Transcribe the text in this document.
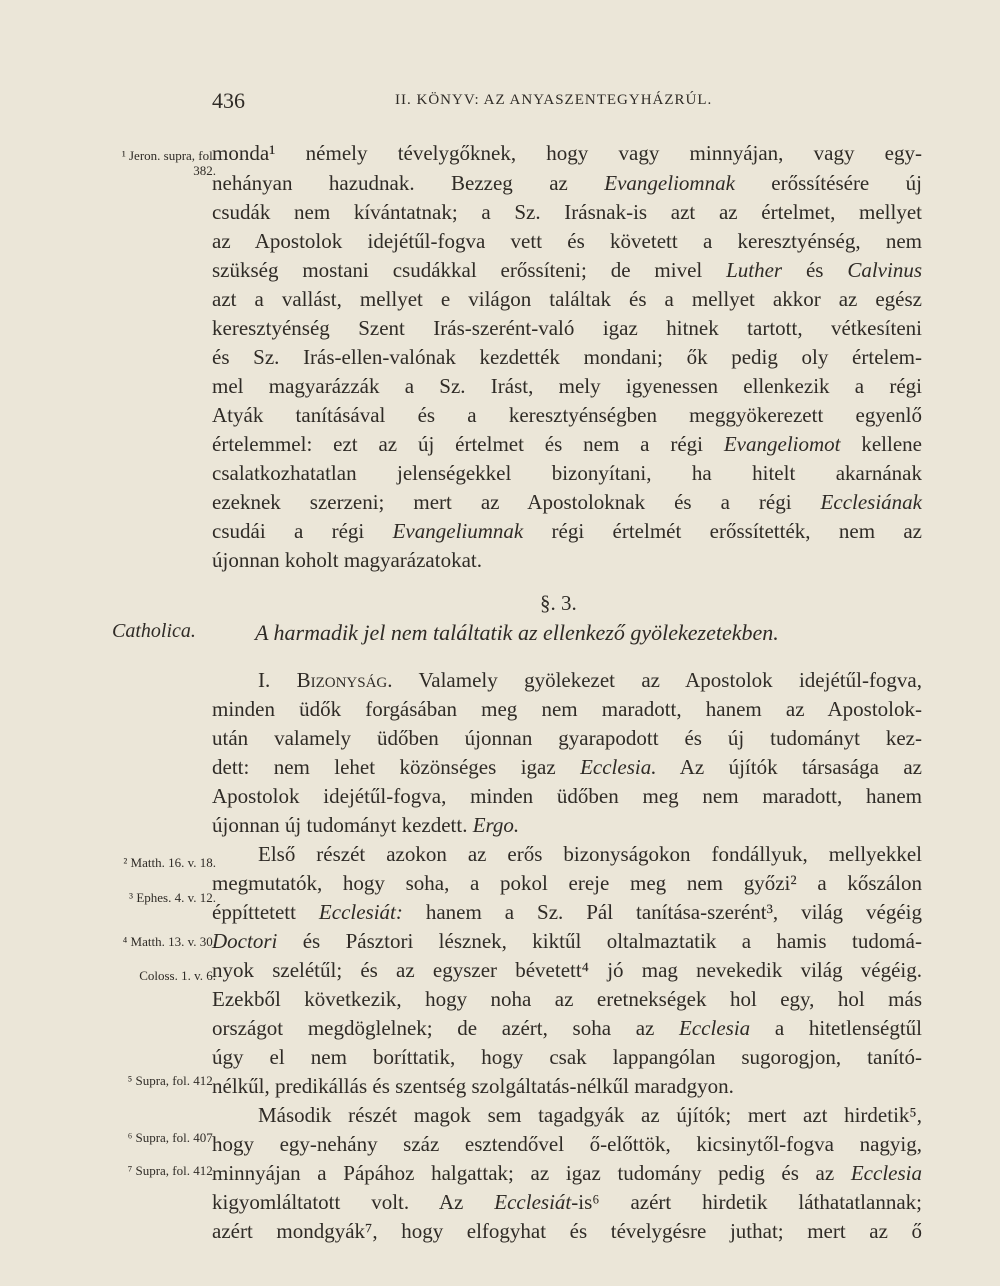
436	II. KÖNYV: AZ ANYASZENTEGYHÁZRÚL.
¹ Jeron. supra, fol. 382.
Catholica.
² Matth. 16. v. 18.
³ Ephes. 4. v. 12.
⁴ Matth. 13. v. 30.
Coloss. 1. v. 6.
⁵ Supra, fol. 412.
⁶ Supra, fol. 407.
⁷ Supra, fol. 412.
monda¹ némely tévelygőknek, hogy vagy minnyájan, vagy egy-
nehányan hazudnak. Bezzeg az Evangeliomnak erőssítésére új
csudák nem kívántatnak; a Sz. Irásnak-is azt az értelmet, mellyet
az Apostolok idejétűl-fogva vett és követett a keresztyénség, nem
szükség mostani csudákkal erőssíteni; de mivel Luther és Calvinus
azt a vallást, mellyet e világon találtak és a mellyet akkor az egész
keresztyénség Szent Irás-szerént-való igaz hitnek tartott, vétkesíteni
és Sz. Irás-ellen-valónak kezdették mondani; ők pedig oly értelem-
mel magyarázzák a Sz. Irást, mely igyenessen ellenkezik a régi
Atyák tanításával és a keresztyénségben meggyökerezett egyenlő
értelemmel: ezt az új értelmet és nem a régi Evangeliomot kellene
csalatkozhatatlan jelenségekkel bizonyítani, ha hitelt akarnának
ezeknek szerzeni; mert az Apostoloknak és a régi Ecclesiának
csudái a régi Evangeliumnak régi értelmét erőssítették, nem az
újonnan koholt magyarázatokat.
§. 3.
A harmadik jel nem találtatik az ellenkező gyölekezetekben.
I. Bizonyság. Valamely gyölekezet az Apostolok idejétűl-fogva,
minden üdők forgásában meg nem maradott, hanem az Apostolok-
után valamely üdőben újonnan gyarapodott és új tudományt kez-
dett: nem lehet közönséges igaz Ecclesia. Az újítók társasága az
Apostolok idejétűl-fogva, minden üdőben meg nem maradott, hanem
újonnan új tudományt kezdett. Ergo.
Első részét azokon az erős bizonyságokon fondállyuk, mellyekkel
megmutatók, hogy soha, a pokol ereje meg nem győzi² a kőszálon
éppíttetett Ecclesiát: hanem a Sz. Pál tanítása-szerént³, világ végéig
Doctori és Pásztori lésznek, kiktűl oltalmaztatik a hamis tudomá-
nyok szelétűl; és az egyszer bévetett⁴ jó mag nevekedik világ végéig.
Ezekből következik, hogy noha az eretnekségek hol egy, hol más
országot megdöglelnek; de azért, soha az Ecclesia a hitetlenségtűl
úgy el nem boríttatik, hogy csak lappangólan sugorogjon, tanító-
nélkűl, predikállás és szentség szolgáltatás-nélkűl maradgyon.
Második részét magok sem tagadgyák az újítók; mert azt hirdetik⁵,
hogy egy-nehány száz esztendővel ő-előttök, kicsinytől-fogva nagyig,
minnyájan a Pápához halgattak; az igaz tudomány pedig és az Ecclesia
kigyomláltatott volt. Az Ecclesiát-is⁶ azért hirdetik láthatatlannak;
azért mondgyák⁷, hogy elfogyhat és tévelygésre juthat; mert az ő
